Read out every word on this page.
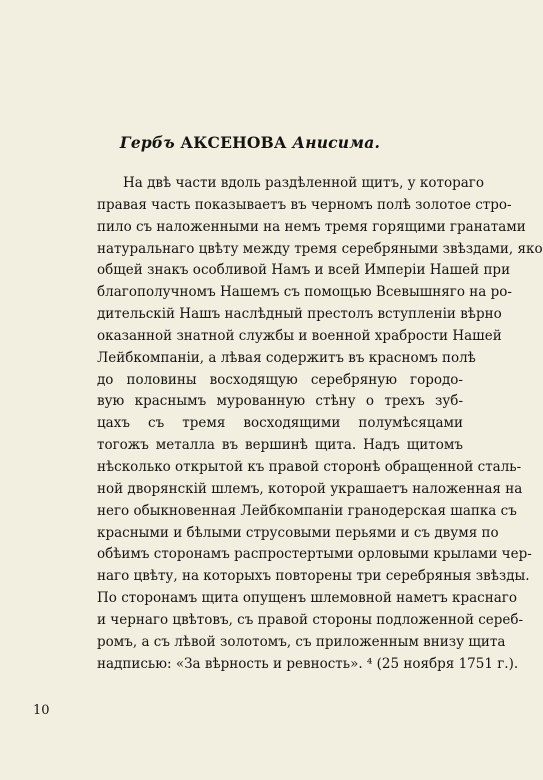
Гербъ АКСЕНОВА Анисима.
На двѣ части вдоль раздѣленной щитъ, у котораго
правая часть показываетъ въ черномъ полѣ золотое стро-
пило съ наложенными на немъ тремя горящими гранатами
натуральнаго цвѣту между тремя серебряными звѣздами, яко
общей знакъ особливой Намъ и всей Имперіи Нашей при
благополучномъ Нашемъ съ помощью Всевышняго на ро-
дительскій Нашъ наслѣдный престолъ вступленіи вѣрно
оказанной знатной службы и военной храбрости Нашей
Лейбкомпаніи, а лѣвая содержитъ въ красномъ полѣ
до половины восходящую серебряную городо-
вую краснымъ мурованную стѣну о трехъ зуб-
цахъ съ тремя восходящими полумѣсяцами
тогожъ металла въ вершинѣ щита. Надъ щитомъ
нѣсколько открытой къ правой сторонѣ обращенной сталь-
ной дворянскій шлемъ, которой украшаетъ наложенная на
него обыкновенная Лейбкомпаніи гранодерская шапка съ
красными и бѣлыми струсовыми перьями и съ двумя по
обѣимъ сторонамъ распростертыми орловыми крылами чер-
наго цвѣту, на которыхъ повторены три серебряныя звѣзды.
По сторонамъ щита опущенъ шлемовной наметъ краснаго
и чернаго цвѣтовъ, съ правой стороны подложенной сереб-
ромъ, а съ лѣвой золотомъ, съ приложенным внизу щита
надписью: «За вѣрность и ревность». ⁴ (25 ноября 1751 г.).
10
